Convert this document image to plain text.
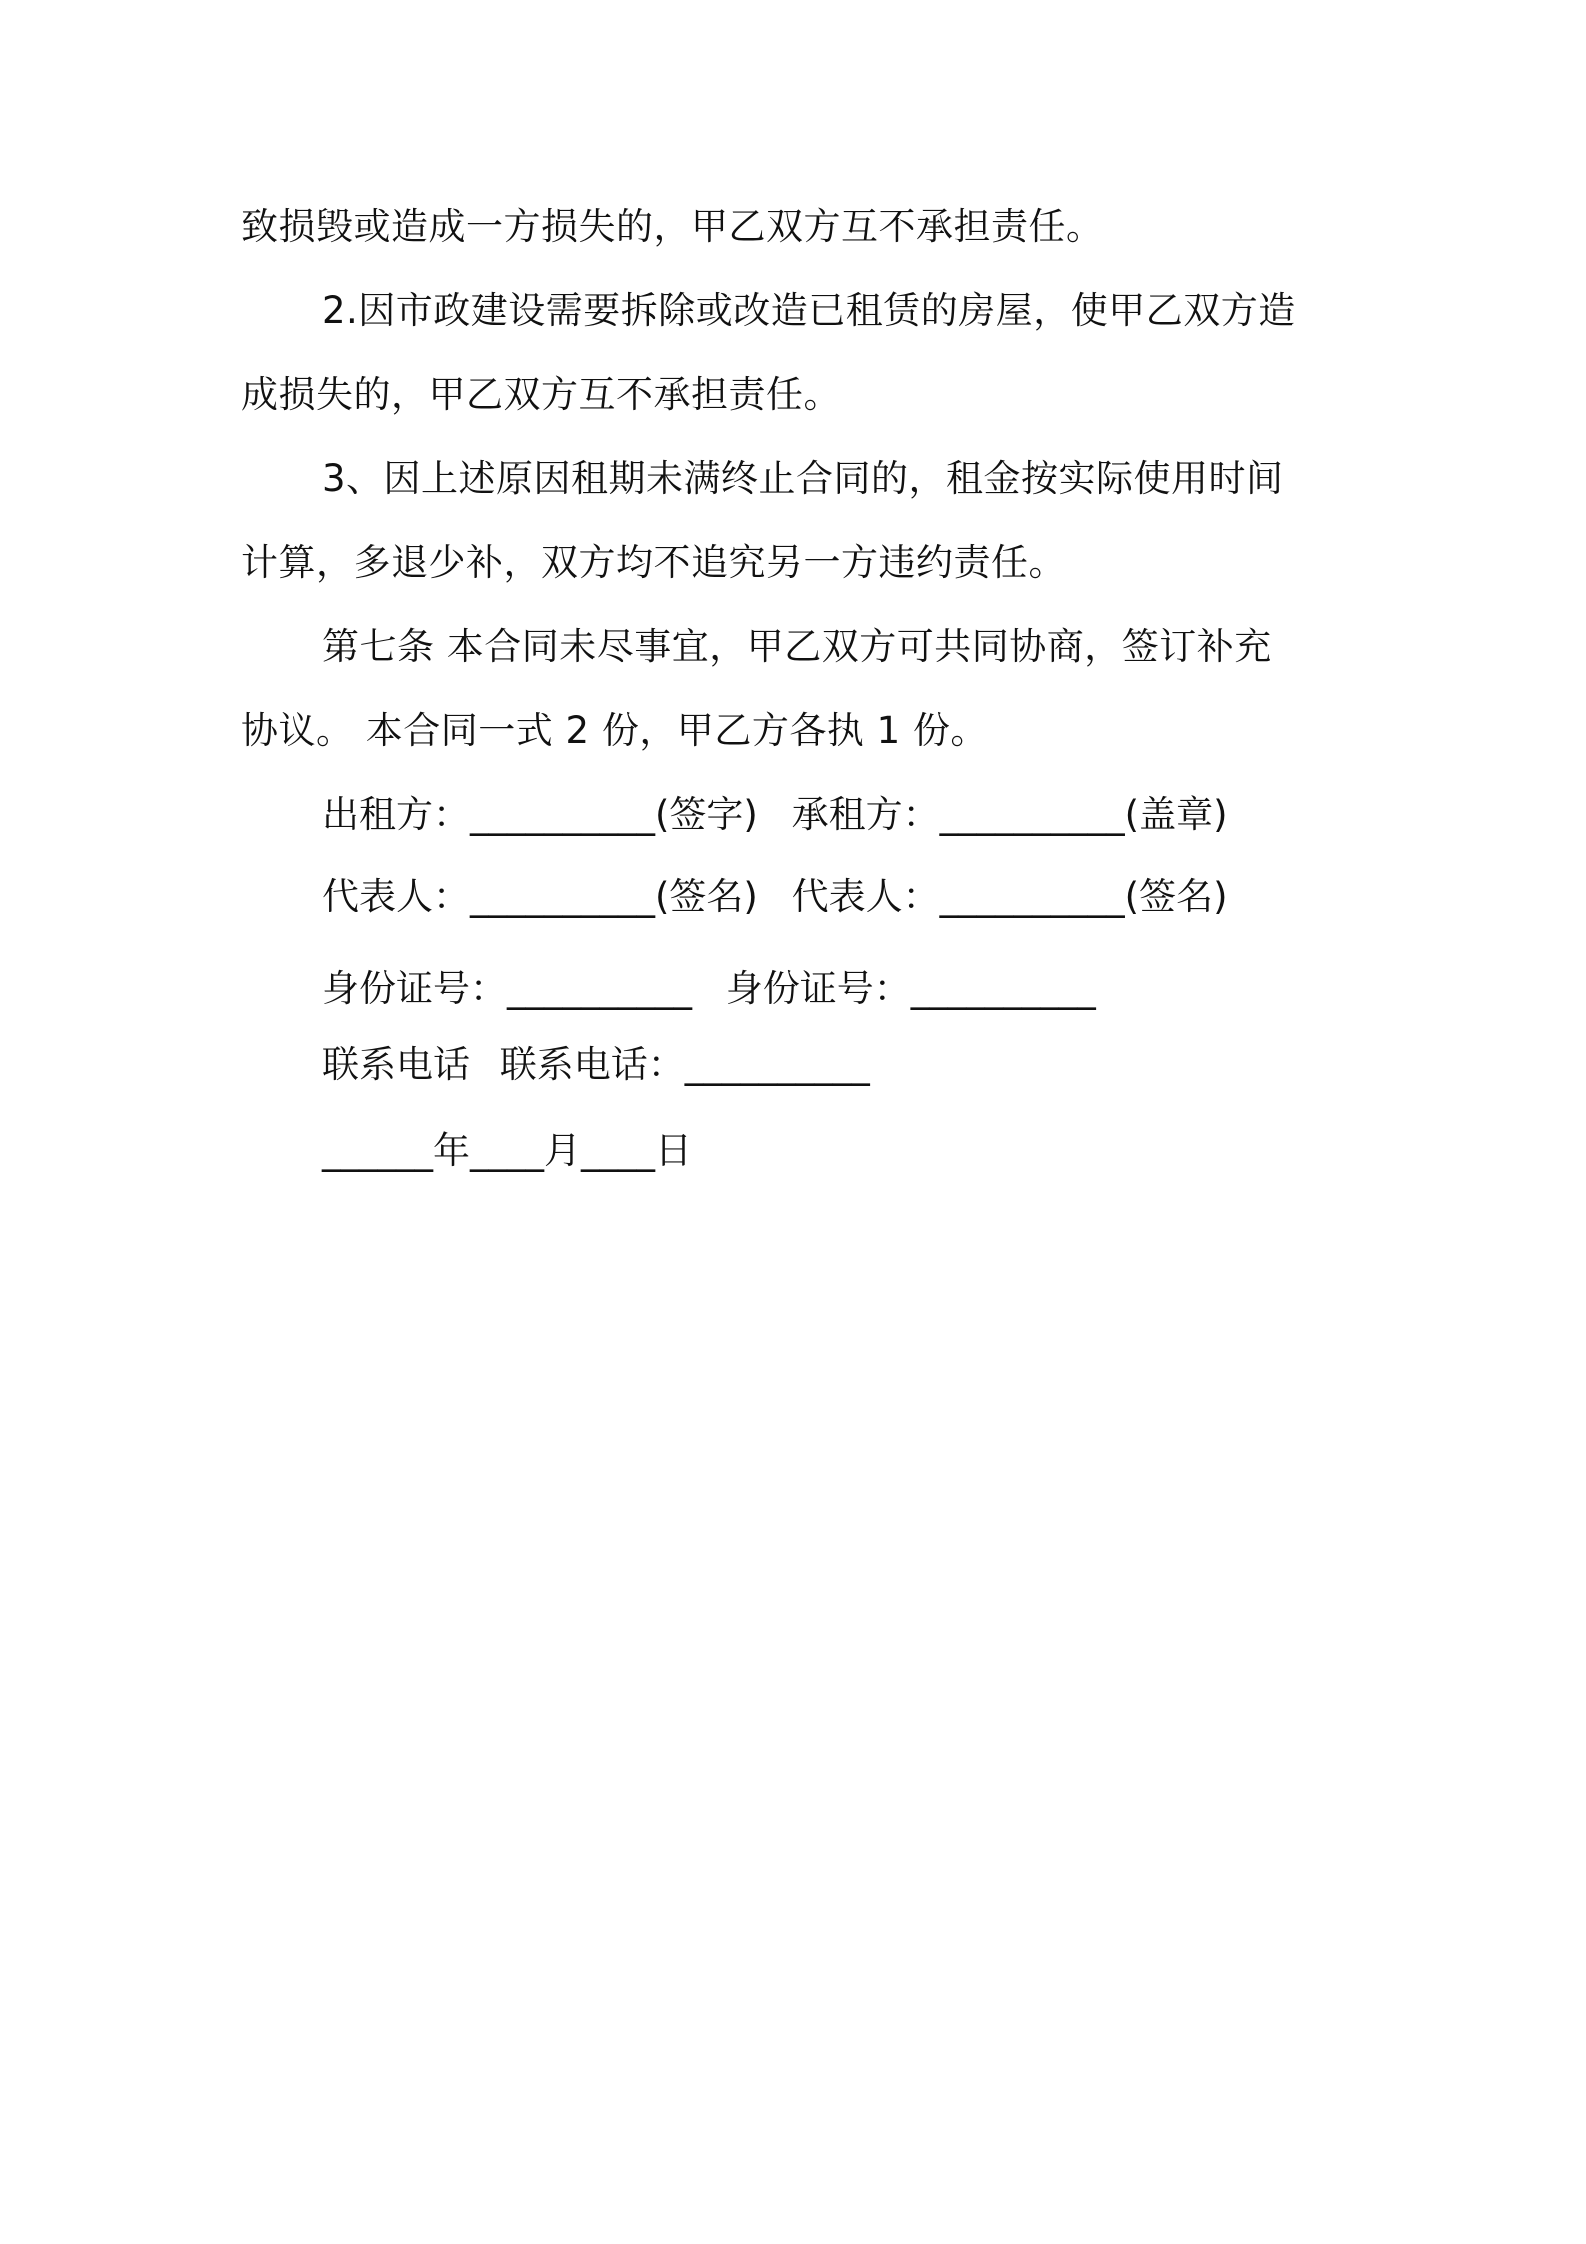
致损毁或造成一方损失的，甲乙双方互不承担责任。
2.因市政建设需要拆除或改造已租赁的房屋，使甲乙双方造
成损失的，甲乙双方互不承担责任。
3、因上述原因租期未满终止合同的，租金按实际使用时间
计算，多退少补，双方均不追究另一方违约责任。
第七条 本合同未尽事宜，甲乙双方可共同协商，签订补充
协议。 本合同一式 2 份，甲乙方各执 1 份。
出租方：__________(签字) 承租方：__________(盖章)
代表人：__________(签名) 代表人：__________(签名)
身份证号：__________ 身份证号：__________
联系电话 联系电话：__________
______年____月____日
